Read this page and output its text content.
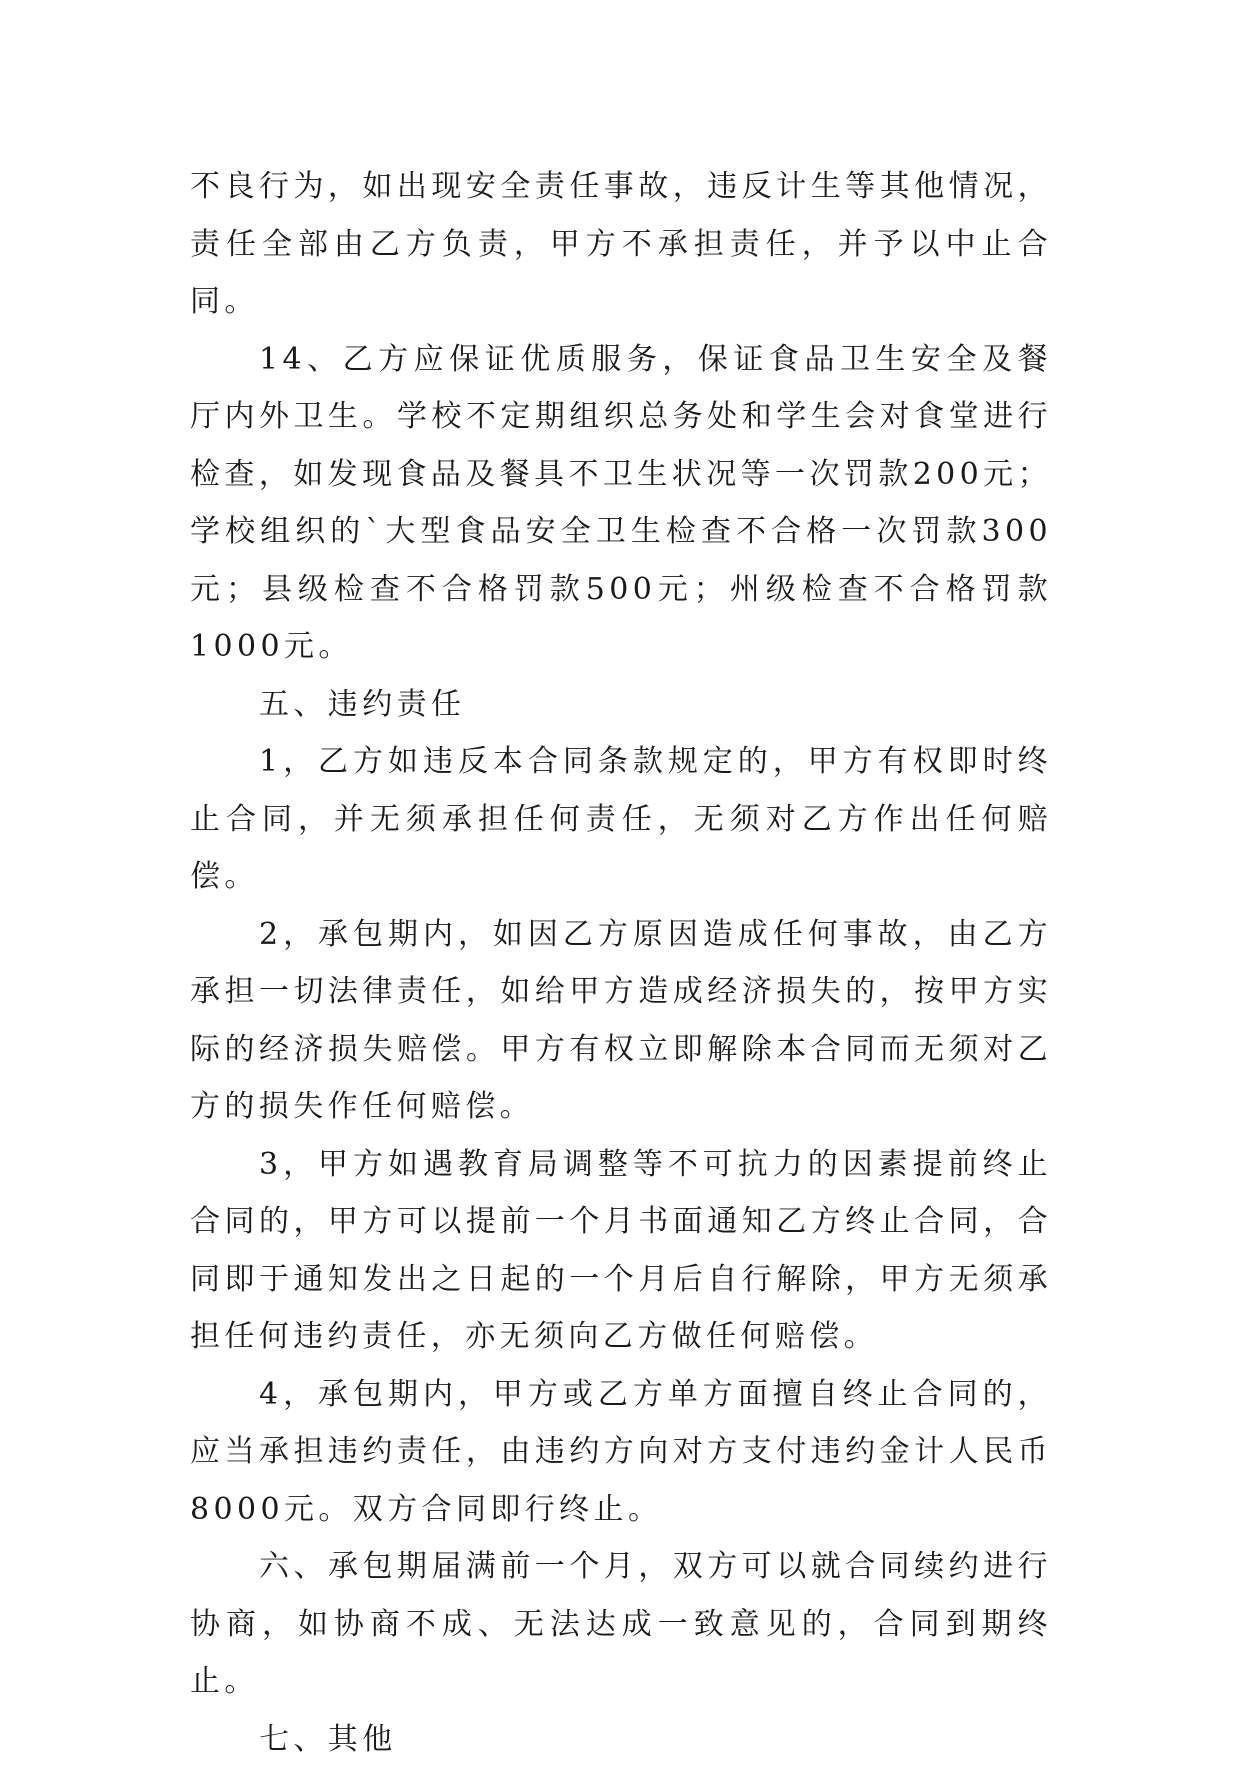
不良行为，如出现安全责任事故，违反计生等其他情况，责任全部由乙方负责，甲方不承担责任，并予以中止合同。

14、乙方应保证优质服务，保证食品卫生安全及餐厅内外卫生。学校不定期组织总务处和学生会对食堂进行检查，如发现食品及餐具不卫生状况等一次罚款200元；学校组织的`大型食品安全卫生检查不合格一次罚款300元；县级检查不合格罚款500元；州级检查不合格罚款1000元。

五、违约责任

1，乙方如违反本合同条款规定的，甲方有权即时终止合同，并无须承担任何责任，无须对乙方作出任何赔偿。

2，承包期内，如因乙方原因造成任何事故，由乙方承担一切法律责任，如给甲方造成经济损失的，按甲方实际的经济损失赔偿。甲方有权立即解除本合同而无须对乙方的损失作任何赔偿。

3，甲方如遇教育局调整等不可抗力的因素提前终止合同的，甲方可以提前一个月书面通知乙方终止合同，合同即于通知发出之日起的一个月后自行解除，甲方无须承担任何违约责任，亦无须向乙方做任何赔偿。

4，承包期内，甲方或乙方单方面擅自终止合同的，应当承担违约责任，由违约方向对方支付违约金计人民币8000元。双方合同即行终止。

六、承包期届满前一个月，双方可以就合同续约进行协商，如协商不成、无法达成一致意见的，合同到期终止。

七、其他
